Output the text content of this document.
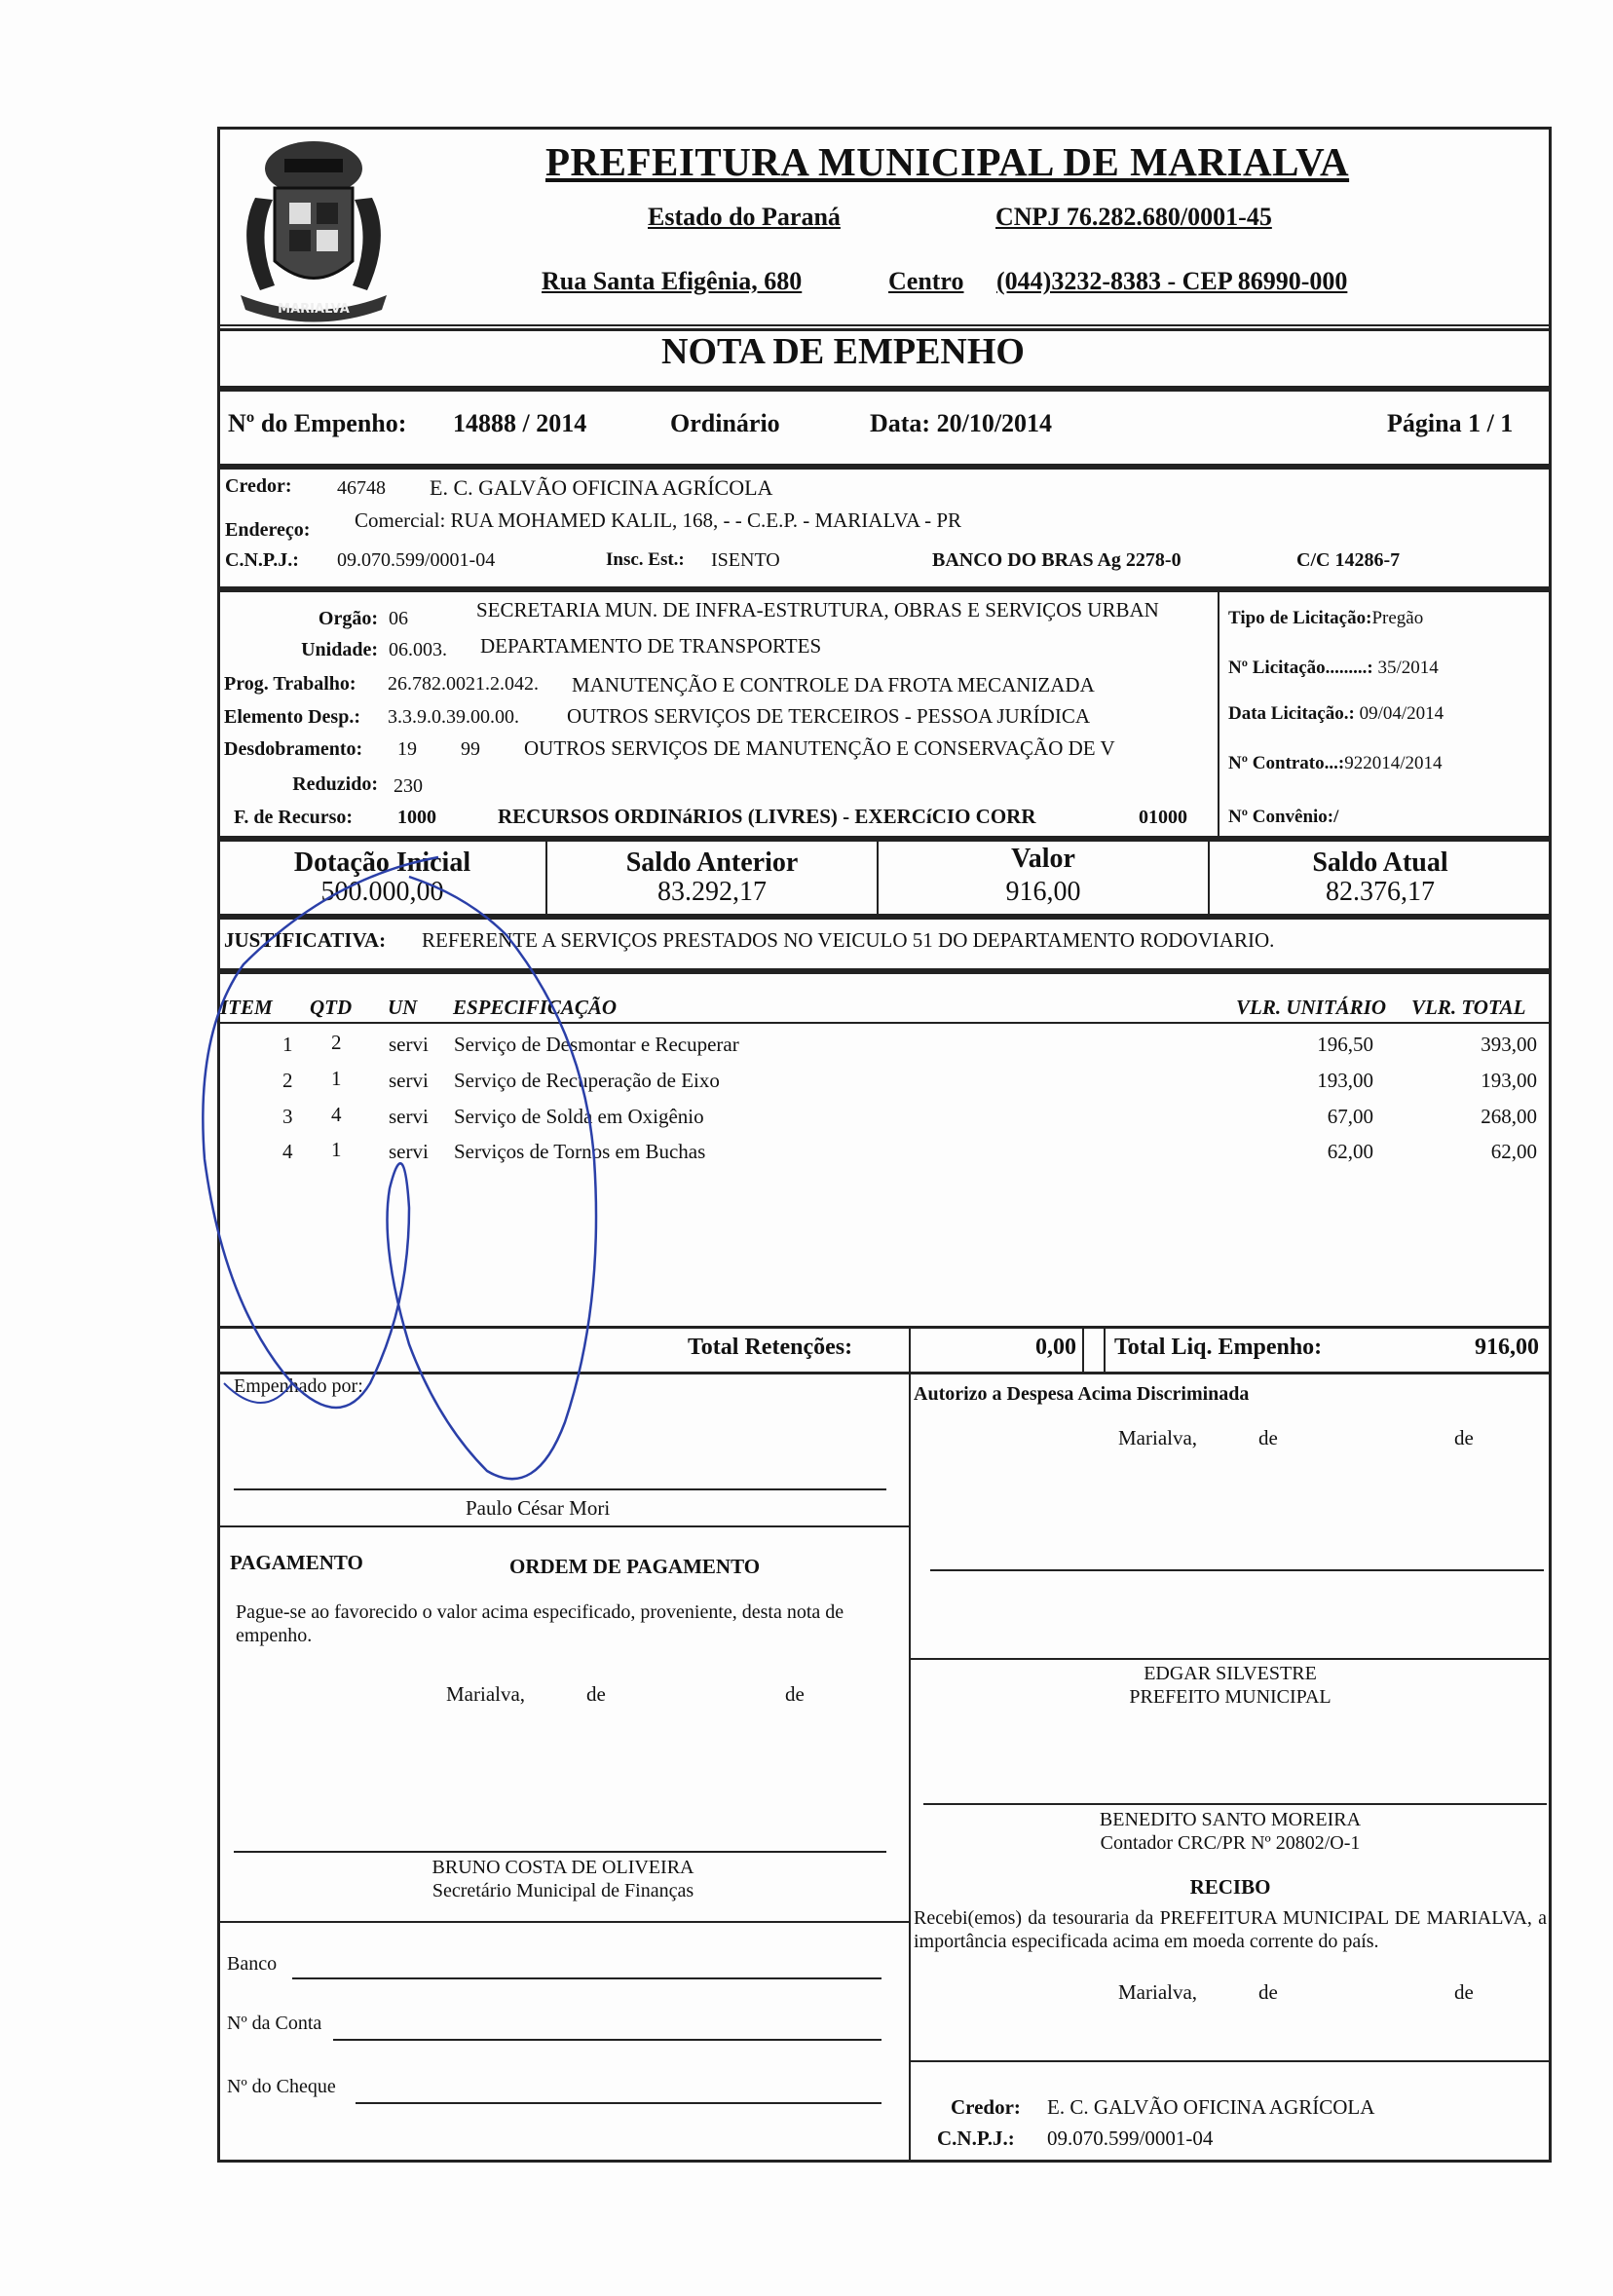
MARIALVA
PREFEITURA MUNICIPAL DE MARIALVA
Estado do Paraná	CNPJ 76.282.680/0001-45
Rua Santa Efigênia, 680	Centro (044)3232-8383 - CEP 86990-000
NOTA DE EMPENHO
Nº do Empenho: 14888 / 2014	Ordinário	Data: 20/10/2014	Página 1 / 1
Credor: 46748 E. C. GALVÃO OFICINA AGRÍCOLA
Endereço: Comercial: RUA MOHAMED KALIL, 168, - - C.E.P. - MARIALVA - PR
C.N.P.J.: 09.070.599/0001-04	Insc. Est.: ISENTO	BANCO DO BRAS Ag 2278-0	C/C 14286-7
Orgão: 06	SECRETARIA MUN. DE INFRA-ESTRUTURA, OBRAS E SERVIÇOS URBAN
Unidade: 06.003. DEPARTAMENTO DE TRANSPORTES
Prog. Trabalho: 26.782.0021.2.042. MANUTENÇÃO E CONTROLE DA FROTA MECANIZADA
Elemento Desp.: 3.3.9.0.39.00.00. OUTROS SERVIÇOS DE TERCEIROS - PESSOA JURÍDICA
Desdobramento: 19 99 OUTROS SERVIÇOS DE MANUTENÇÃO E CONSERVAÇÃO DE V
Reduzido: 230
F. de Recurso: 1000	RECURSOS ORDINáRIOS (LIVRES) - EXERCíCIO CORR	01000
Tipo de Licitação:Pregão
Nº Licitação.........: 35/2014
Data Licitação.: 09/04/2014
Nº Contrato...:922014/2014
Nº Convênio:/
Dotação Inicial
500.000,00
Saldo Anterior
83.292,17
Valor
916,00
Saldo Atual
82.376,17
JUSTIFICATIVA: REFERENTE A SERVIÇOS PRESTADOS NO VEICULO 51 DO DEPARTAMENTO RODOVIARIO.
ITEM QTD UN ESPECIFICAÇÃO	VLR. UNITÁRIO VLR. TOTAL
1 2 servi Serviço de Desmontar e Recuperar	196,50	393,00
2 1 servi Serviço de Recuperação de Eixo	193,00	193,00
3 4 servi Serviço de Solda em Oxigênio	67,00	268,00
4 1 servi Serviços de Tornos em Buchas	62,00	62,00
Total Retenções:	0,00 Total Liq. Empenho:	916,00
Empenhado por:
Paulo César Mori
Autorizo a Despesa Acima Discriminada
Marialva,	de	de
PAGAMENTO	ORDEM DE PAGAMENTO
Pague-se ao favorecido o valor acima especificado, proveniente, desta nota de empenho.
Marialva,	de	de
EDGAR SILVESTRE
PREFEITO MUNICIPAL
BENEDITO SANTO MOREIRA
Contador CRC/PR Nº 20802/O-1
BRUNO COSTA DE OLIVEIRA
Secretário Municipal de Finanças	RECIBO
Recebi(emos) da tesouraria da PREFEITURA MUNICIPAL DE MARIALVA, a importância especificada acima em moeda corrente do país.
Marialva,	de	de
Banco
Nº da Conta
Nº do Cheque
Credor: E. C. GALVÃO OFICINA AGRÍCOLA
C.N.P.J.: 09.070.599/0001-04
